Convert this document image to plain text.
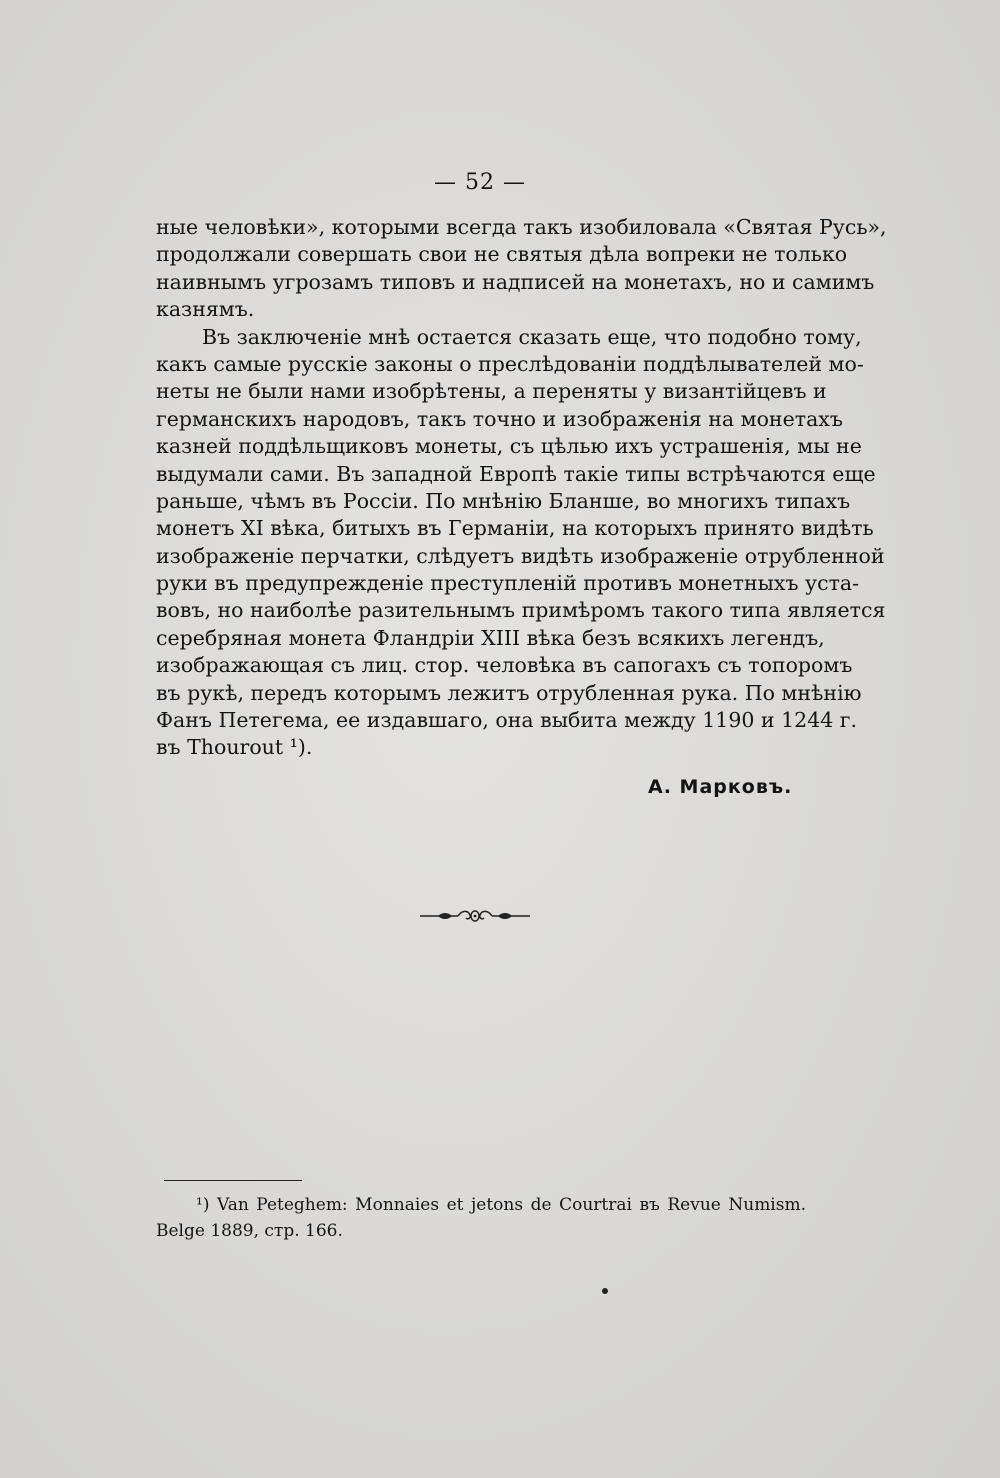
— 52 —
ные человѣки», которыми всегда такъ изобиловала «Святая Русь»,
продолжали совершать свои не святыя дѣла вопреки не только
наивнымъ угрозамъ типовъ и надписей на монетахъ, но и самимъ
казнямъ.
Въ заключеніе мнѣ остается сказать еще, что подобно тому,
какъ самые русскіе законы о преслѣдованіи поддѣлывателей мо-
неты не были нами изобрѣтены, а переняты у византійцевъ и
германскихъ народовъ, такъ точно и изображенія на монетахъ
казней поддѣльщиковъ монеты, съ цѣлью ихъ устрашенія, мы не
выдумали сами. Въ западной Европѣ такіе типы встрѣчаются еще
раньше, чѣмъ въ Россіи. По мнѣнію Бланше, во многихъ типахъ
монетъ XI вѣка, битыхъ въ Германіи, на которыхъ принято видѣть
изображеніе перчатки, слѣдуетъ видѣть изображеніе отрубленной
руки въ предупрежденіе преступленій противъ монетныхъ уста-
вовъ, но наиболѣе разительнымъ примѣромъ такого типа является
серебряная монета Фландріи XIII вѣка безъ всякихъ легендъ,
изображающая съ лиц. стор. человѣка въ сапогахъ съ топоромъ
въ рукѣ, передъ которымъ лежитъ отрубленная рука. По мнѣнію
Фанъ Петегема, ее издавшаго, она выбита между 1190 и 1244 г.
въ Thourout ¹).
А. Марковъ.
¹) Van Peteghem: Monnaies et jetons de Courtrai въ Revue Numism.
Belge 1889, стр. 166.
